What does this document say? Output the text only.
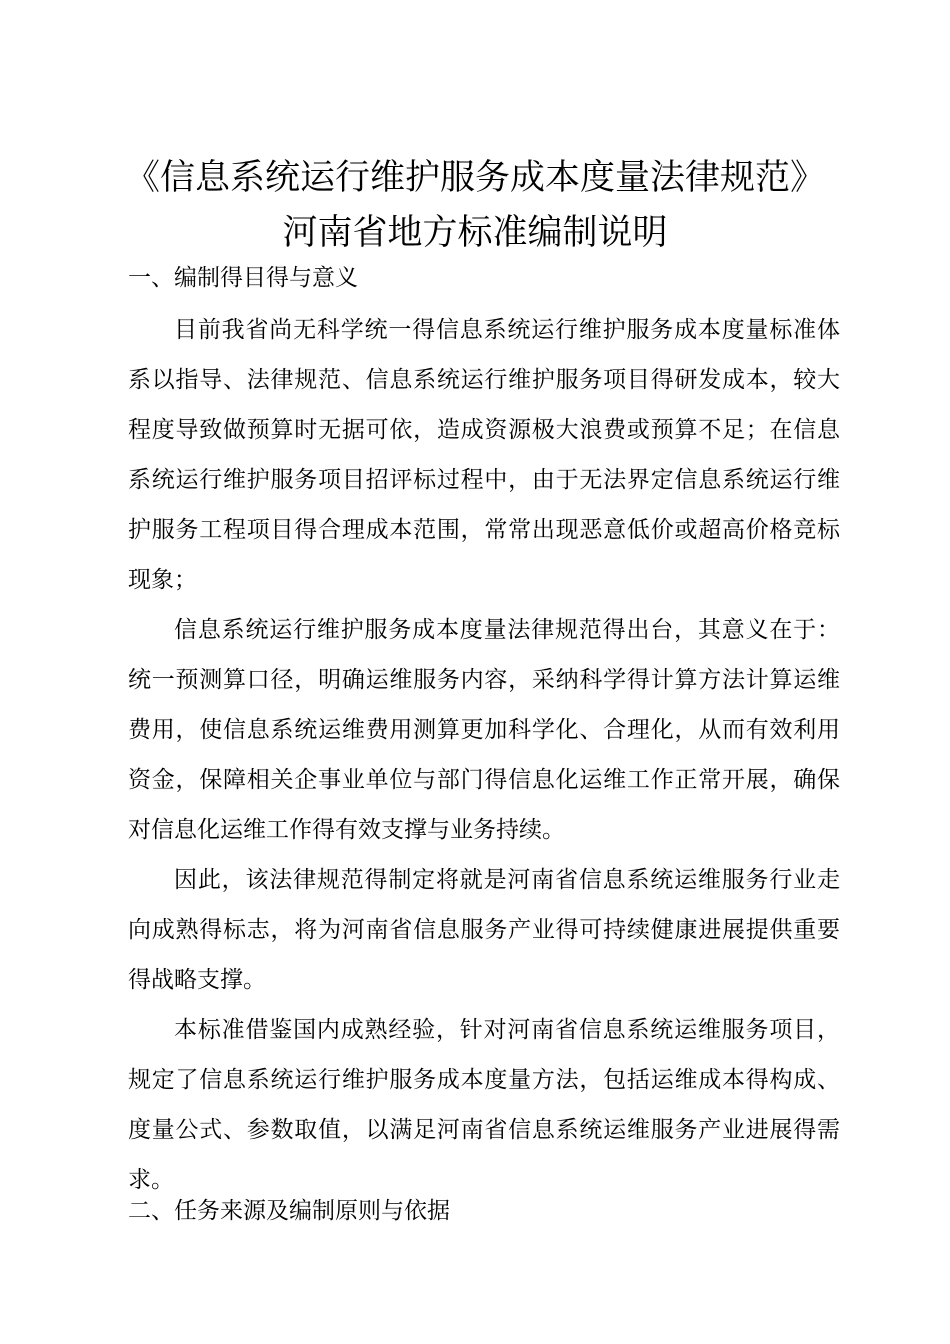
《信息系统运行维护服务成本度量法律规范》
河南省地方标准编制说明
一、编制得目得与意义

目前我省尚无科学统一得信息系统运行维护服务成本度量标准体系以指导、法律规范、信息系统运行维护服务项目得研发成本，较大程度导致做预算时无据可依，造成资源极大浪费或预算不足；在信息系统运行维护服务项目招评标过程中，由于无法界定信息系统运行维护服务工程项目得合理成本范围，常常出现恶意低价或超高价格竞标现象；

信息系统运行维护服务成本度量法律规范得出台，其意义在于：统一预测算口径，明确运维服务内容，采纳科学得计算方法计算运维费用，使信息系统运维费用测算更加科学化、合理化，从而有效利用资金，保障相关企事业单位与部门得信息化运维工作正常开展，确保对信息化运维工作得有效支撑与业务持续。

因此，该法律规范得制定将就是河南省信息系统运维服务行业走向成熟得标志，将为河南省信息服务产业得可持续健康进展提供重要得战略支撑。

本标准借鉴国内成熟经验，针对河南省信息系统运维服务项目，规定了信息系统运行维护服务成本度量方法，包括运维成本得构成、度量公式、参数取值，以满足河南省信息系统运维服务产业进展得需求。

二、任务来源及编制原则与依据
